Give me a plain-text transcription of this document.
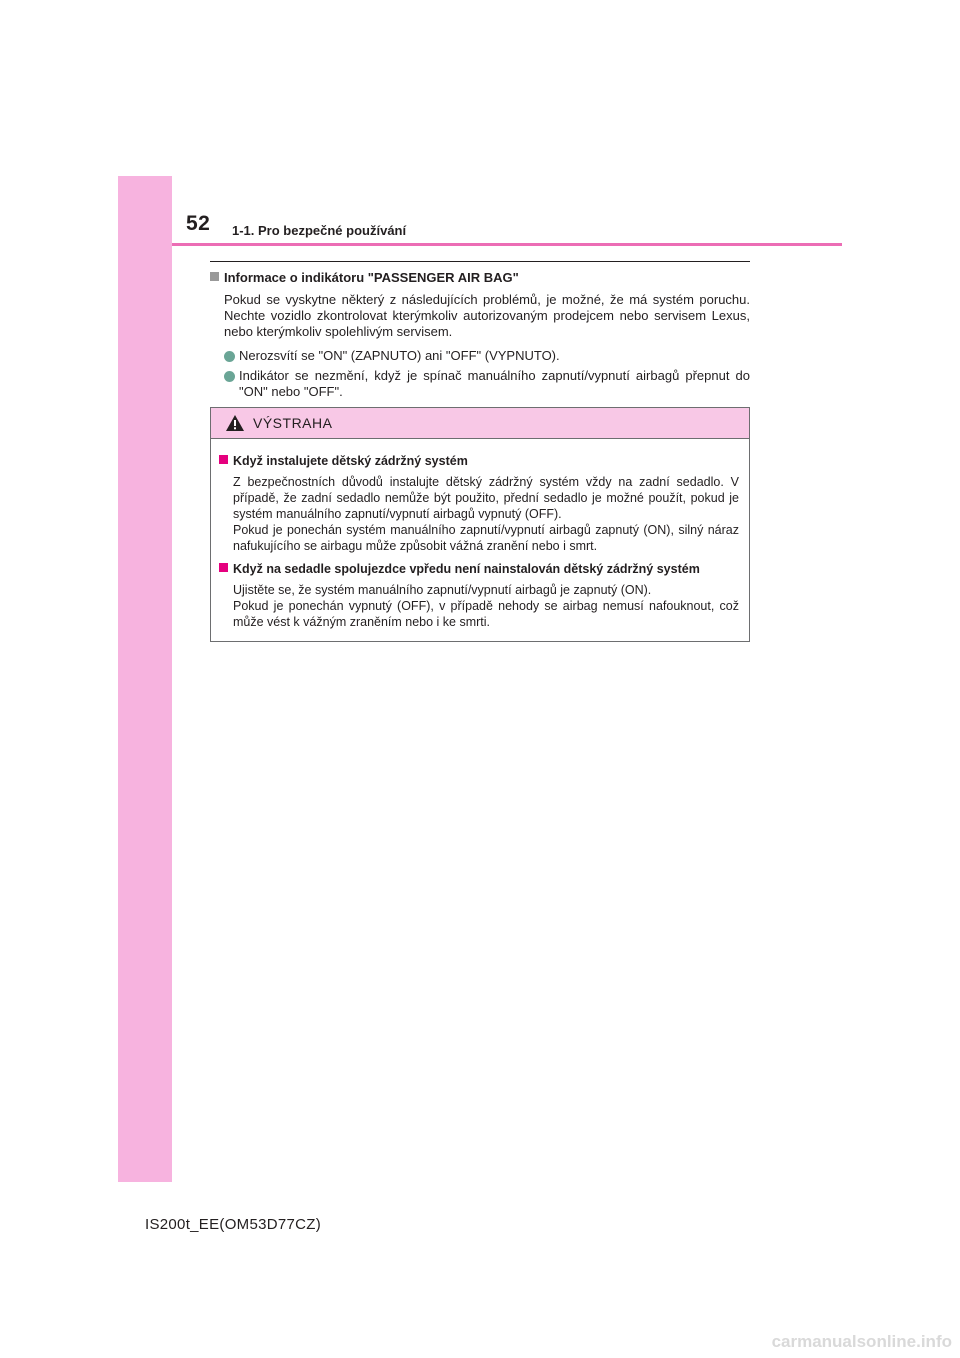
52 1-1. Pro bezpečné používání
Informace o indikátoru "PASSENGER AIR BAG"
Pokud se vyskytne některý z následujících problémů, je možné, že má systém poruchu. Nechte vozidlo zkontrolovat kterýmkoliv autorizovaným prodejcem nebo servisem Lexus, nebo kterýmkoliv spolehlivým servisem.
Nerozsvítí se "ON" (ZAPNUTO) ani "OFF" (VYPNUTO).
Indikátor se nezmění, když je spínač manuálního zapnutí/vypnutí airbagů přepnut do "ON" nebo "OFF".
VÝSTRAHA
Když instalujete dětský zádržný systém
Z bezpečnostních důvodů instalujte dětský zádržný systém vždy na zadní sedadlo. V případě, že zadní sedadlo nemůže být použito, přední sedadlo je možné použít, pokud je systém manuálního zapnutí/vypnutí airbagů vypnutý (OFF).
Pokud je ponechán systém manuálního zapnutí/vypnutí airbagů zapnutý (ON), silný náraz nafukujícího se airbagu může způsobit vážná zranění nebo i smrt.
Když na sedadle spolujezdce vpředu není nainstalován dětský zádržný systém
Ujistěte se, že systém manuálního zapnutí/vypnutí airbagů je zapnutý (ON).
Pokud je ponechán vypnutý (OFF), v případě nehody se airbag nemusí nafouknout, což může vést k vážným zraněním nebo i ke smrti.
IS200t_EE(OM53D77CZ)
carmanualsonline.info
